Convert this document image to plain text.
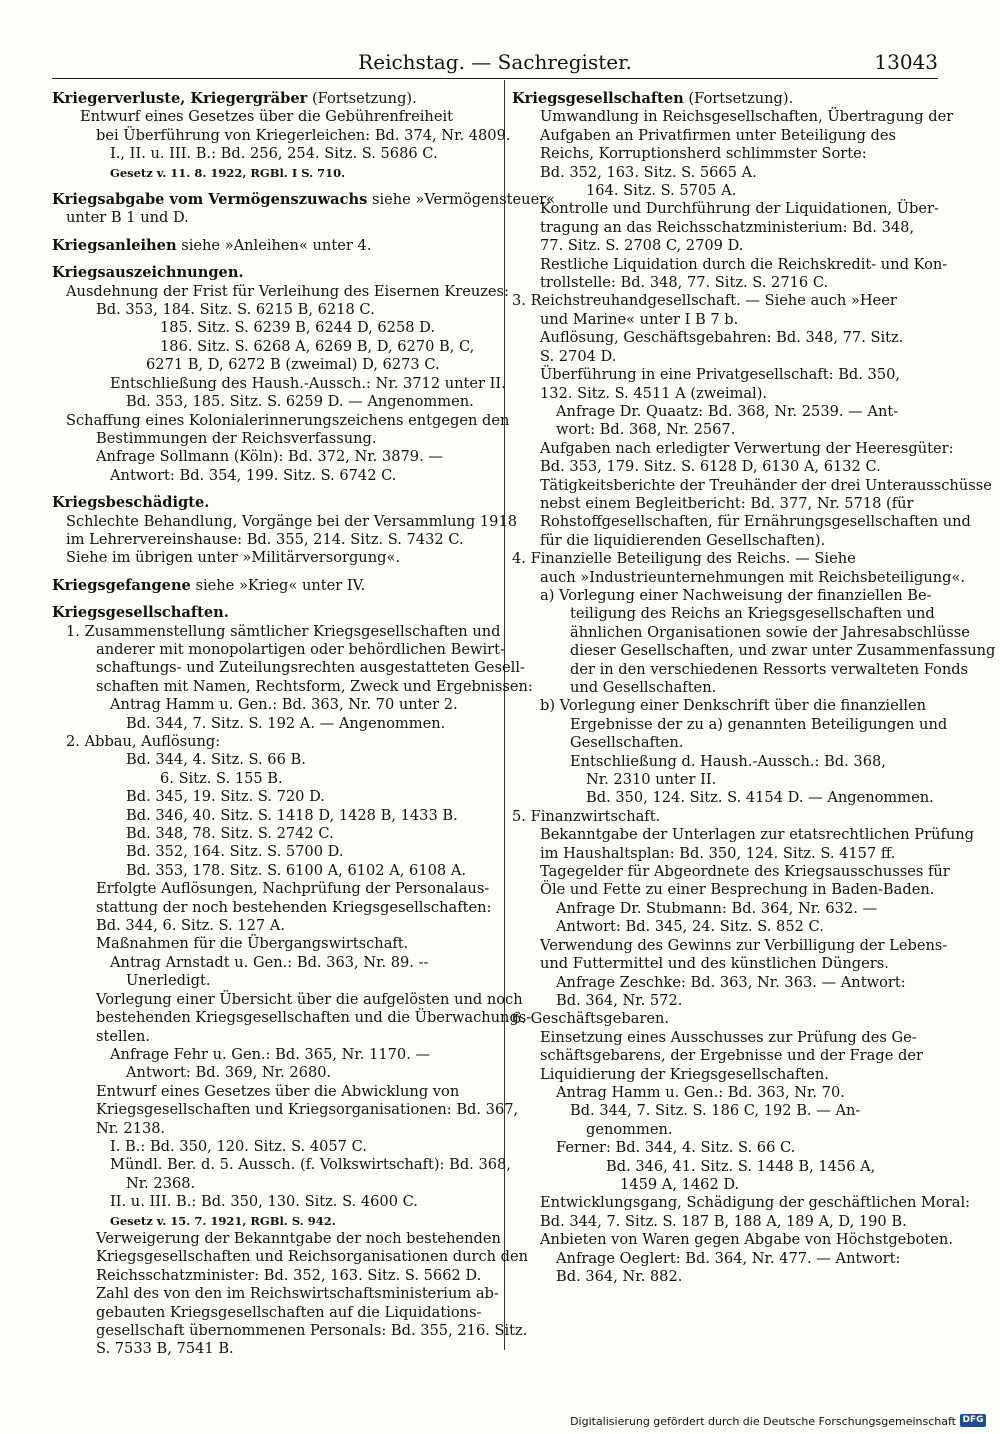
Reichstag. — Sachregister.	13043
Kriegerverluste, Kriegergräber (Fortsetzung).
Entwurf eines Gesetzes über die Gebührenfreiheit
bei Überführung von Kriegerleichen: Bd. 374, Nr. 4809.
I., II. u. III. B.: Bd. 256, 254. Sitz. S. 5686 C.
Gesetz v. 11. 8. 1922, RGBl. I S. 710.
Kriegsabgabe vom Vermögenszuwachs siehe »Vermögensteuer«
unter B 1 und D.
Kriegsanleihen siehe »Anleihen« unter 4.
Kriegsauszeichnungen.
Ausdehnung der Frist für Verleihung des Eisernen Kreuzes:
Bd. 353, 184. Sitz. S. 6215 B, 6218 C.
185. Sitz. S. 6239 B, 6244 D, 6258 D.
186. Sitz. S. 6268 A, 6269 B, D, 6270 B, C,
6271 B, D, 6272 B (zweimal) D, 6273 C.
Entschließung des Haush.-Aussch.: Nr. 3712 unter II.
Bd. 353, 185. Sitz. S. 6259 D. — Angenommen.
Schaffung eines Kolonialerinnerungszeichens entgegen den
Bestimmungen der Reichsverfassung.
Anfrage Sollmann (Köln): Bd. 372, Nr. 3879. —
Antwort: Bd. 354, 199. Sitz. S. 6742 C.
Kriegsbeschädigte.
Schlechte Behandlung, Vorgänge bei der Versammlung 1918
im Lehrervereinshause: Bd. 355, 214. Sitz. S. 7432 C.
Siehe im übrigen unter »Militärversorgung«.
Kriegsgefangene siehe »Krieg« unter IV.
Kriegsgesellschaften.
1. Zusammenstellung sämtlicher Kriegsgesellschaften und
anderer mit monopolartigen oder behördlichen Bewirt-
schaftungs- und Zuteilungsrechten ausgestatteten Gesell-
schaften mit Namen, Rechtsform, Zweck und Ergebnissen:
Antrag Hamm u. Gen.: Bd. 363, Nr. 70 unter 2.
Bd. 344, 7. Sitz. S. 192 A. — Angenommen.
2. Abbau, Auflösung:
Bd. 344, 4. Sitz. S. 66 B.
6. Sitz. S. 155 B.
Bd. 345, 19. Sitz. S. 720 D.
Bd. 346, 40. Sitz. S. 1418 D, 1428 B, 1433 B.
Bd. 348, 78. Sitz. S. 2742 C.
Bd. 352, 164. Sitz. S. 5700 D.
Bd. 353, 178. Sitz. S. 6100 A, 6102 A, 6108 A.
Erfolgte Auflösungen, Nachprüfung der Personalaus-
stattung der noch bestehenden Kriegsgesellschaften:
Bd. 344, 6. Sitz. S. 127 A.
Maßnahmen für die Übergangswirtschaft.
Antrag Arnstadt u. Gen.: Bd. 363, Nr. 89. --
Unerledigt.
Vorlegung einer Übersicht über die aufgelösten und noch
bestehenden Kriegsgesellschaften und die Überwachungs-
stellen.
Anfrage Fehr u. Gen.: Bd. 365, Nr. 1170. —
Antwort: Bd. 369, Nr. 2680.
Entwurf eines Gesetzes über die Abwicklung von
Kriegsgesellschaften und Kriegsorganisationen: Bd. 367,
Nr. 2138.
I. B.: Bd. 350, 120. Sitz. S. 4057 C.
Mündl. Ber. d. 5. Aussch. (f. Volkswirtschaft): Bd. 368,
Nr. 2368.
II. u. III. B.: Bd. 350, 130. Sitz. S. 4600 C.
Gesetz v. 15. 7. 1921, RGBl. S. 942.
Verweigerung der Bekanntgabe der noch bestehenden
Kriegsgesellschaften und Reichsorganisationen durch den
Reichsschatzminister: Bd. 352, 163. Sitz. S. 5662 D.
Zahl des von den im Reichswirtschaftsministerium ab-
gebauten Kriegsgesellschaften auf die Liquidations-
gesellschaft übernommenen Personals: Bd. 355, 216. Sitz.
S. 7533 B, 7541 B.
Kriegsgesellschaften (Fortsetzung).
Umwandlung in Reichsgesellschaften, Übertragung der
Aufgaben an Privatfirmen unter Beteiligung des
Reichs, Korruptionsherd schlimmster Sorte:
Bd. 352, 163. Sitz. S. 5665 A.
164. Sitz. S. 5705 A.
Kontrolle und Durchführung der Liquidationen, Über-
tragung an das Reichsschatzministerium: Bd. 348,
77. Sitz. S. 2708 C, 2709 D.
Restliche Liquidation durch die Reichskredit- und Kon-
trollstelle: Bd. 348, 77. Sitz. S. 2716 C.
3. Reichstreuhandgesellschaft. — Siehe auch »Heer
und Marine« unter I B 7 b.
Auflösung, Geschäftsgebahren: Bd. 348, 77. Sitz.
S. 2704 D.
Überführung in eine Privatgesellschaft: Bd. 350,
132. Sitz. S. 4511 A (zweimal).
Anfrage Dr. Quaatz: Bd. 368, Nr. 2539. — Ant-
wort: Bd. 368, Nr. 2567.
Aufgaben nach erledigter Verwertung der Heeresgüter:
Bd. 353, 179. Sitz. S. 6128 D, 6130 A, 6132 C.
Tätigkeitsberichte der Treuhänder der drei Unterausschüsse
nebst einem Begleitbericht: Bd. 377, Nr. 5718 (für
Rohstoffgesellschaften, für Ernährungsgesellschaften und
für die liquidierenden Gesellschaften).
4. Finanzielle Beteiligung des Reichs. — Siehe
auch »Industrieunternehmungen mit Reichsbeteiligung«.
a) Vorlegung einer Nachweisung der finanziellen Be-
teiligung des Reichs an Kriegsgesellschaften und
ähnlichen Organisationen sowie der Jahresabschlüsse
dieser Gesellschaften, und zwar unter Zusammenfassung
der in den verschiedenen Ressorts verwalteten Fonds
und Gesellschaften.
b) Vorlegung einer Denkschrift über die finanziellen
Ergebnisse der zu a) genannten Beteiligungen und
Gesellschaften.
Entschließung d. Haush.-Aussch.: Bd. 368,
Nr. 2310 unter II.
Bd. 350, 124. Sitz. S. 4154 D. — Angenommen.
5. Finanzwirtschaft.
Bekanntgabe der Unterlagen zur etatsrechtlichen Prüfung
im Haushaltsplan: Bd. 350, 124. Sitz. S. 4157 ff.
Tagegelder für Abgeordnete des Kriegsausschusses für
Öle und Fette zu einer Besprechung in Baden-Baden.
Anfrage Dr. Stubmann: Bd. 364, Nr. 632. —
Antwort: Bd. 345, 24. Sitz. S. 852 C.
Verwendung des Gewinns zur Verbilligung der Lebens-
und Futtermittel und des künstlichen Düngers.
Anfrage Zeschke: Bd. 363, Nr. 363. — Antwort:
Bd. 364, Nr. 572.
6. Geschäftsgebaren.
Einsetzung eines Ausschusses zur Prüfung des Ge-
schäftsgebarens, der Ergebnisse und der Frage der
Liquidierung der Kriegsgesellschaften.
Antrag Hamm u. Gen.: Bd. 363, Nr. 70.
Bd. 344, 7. Sitz. S. 186 C, 192 B. — An-
genommen.
Ferner: Bd. 344, 4. Sitz. S. 66 C.
Bd. 346, 41. Sitz. S. 1448 B, 1456 A,
1459 A, 1462 D.
Entwicklungsgang, Schädigung der geschäftlichen Moral:
Bd. 344, 7. Sitz. S. 187 B, 188 A, 189 A, D, 190 B.
Anbieten von Waren gegen Abgabe von Höchstgeboten.
Anfrage Oeglert: Bd. 364, Nr. 477. — Antwort:
Bd. 364, Nr. 882.
Digitalisierung gefördert durch die Deutsche Forschungsgemeinschaft DFG
